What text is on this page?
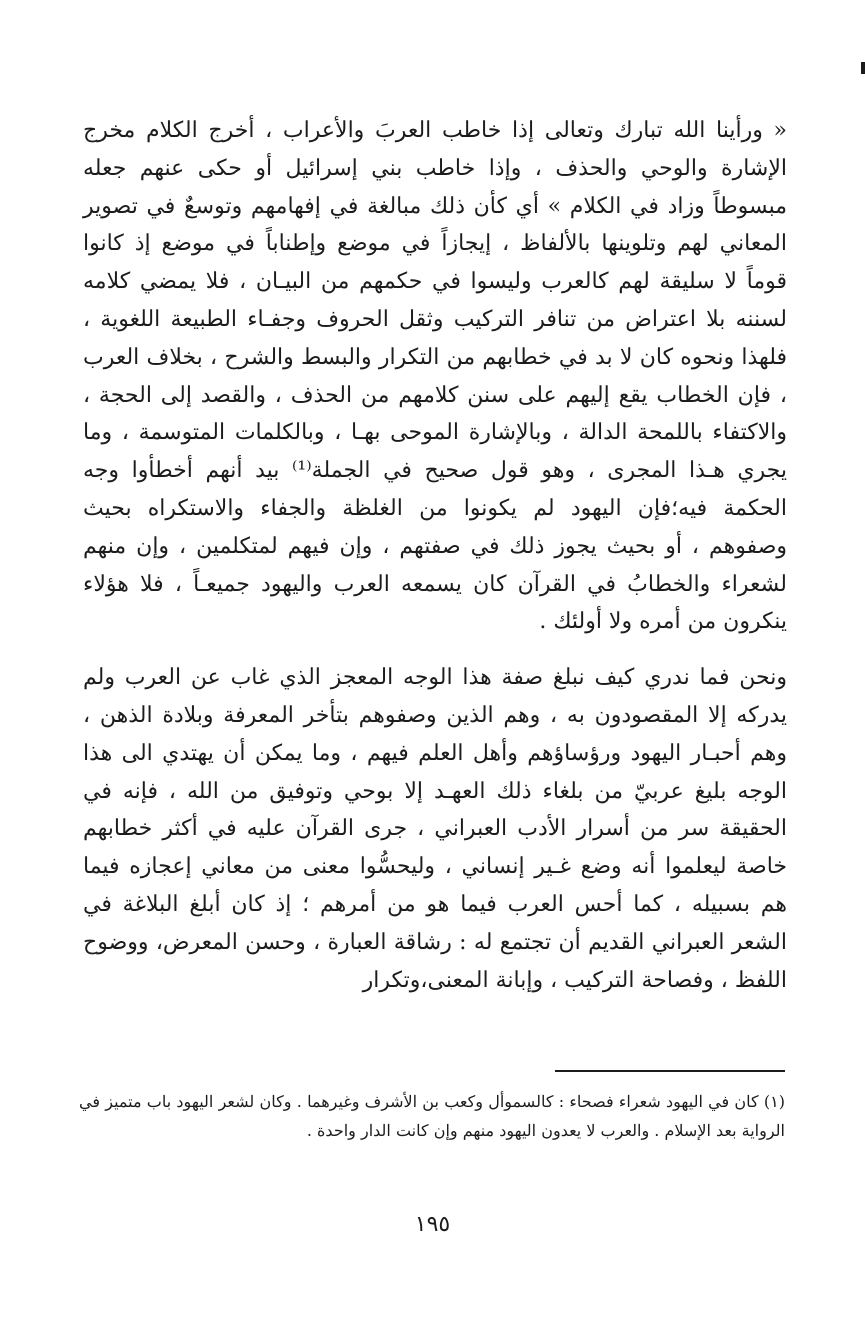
« ورأينا الله تبارك وتعالى إذا خاطب العربَ والأعراب ، أخرج الكلام مخرج الإشارة والوحي والحذف ، وإذا خاطب بني إسرائيل أو حكى عنهم جعله مبسوطاً وزاد في الكلام » أي كأن ذلك مبالغة في إفهامهم وتوسعٌ في تصوير المعاني لهم وتلوينها بالألفاظ ، إيجازاً في موضع وإطناباً في موضع إذ كانوا قوماً لا سليقة لهم كالعرب وليسوا في حكمهم من البيـان ، فلا يمضي كلامه لسننه بلا اعتراض من تنافر التركيب وثقل الحروف وجفـاء الطبيعة اللغوية ، فلهذا ونحوه كان لا بد في خطابهم من التكرار والبسط والشرح ، بخلاف العرب ، فإن الخطاب يقع إليهم على سنن كلامهم من الحذف ، والقصد إلى الحجة ، والاكتفاء باللمحة الدالة ، وبالإشارة الموحى بهـا ، وبالكلمات المتوسمة ، وما يجري هـذا المجرى ، وهو قول صحيح في الجملة⁽¹⁾ بيد أنهم أخطأوا وجه الحكمة فيه؛فإن اليهود لم يكونوا من الغلظة والجفاء والاستكراه بحيث وصفوهم ، أو بحيث يجوز ذلك في صفتهم ، وإن فيهم لمتكلمين ، وإن منهم لشعراء والخطابُ في القرآن كان يسمعه العرب واليهود جميعـاً ، فلا هؤلاء ينكرون من أمره ولا أولئك .

ونحن فما ندري كيف نبلغ صفة هذا الوجه المعجز الذي غاب عن العرب ولم يدركه إلا المقصودون به ، وهم الذين وصفوهم بتأخر المعرفة وبلادة الذهن ، وهم أحبـار اليهود ورؤساؤهم وأهل العلم فيهم ، وما يمكن أن يهتدي الى هذا الوجه بليغ عربيّ من بلغاء ذلك العهـد إلا بوحي وتوفيق من الله ، فإنه في الحقيقة سر من أسرار الأدب العبراني ، جرى القرآن عليه في أكثر خطابهم خاصة ليعلموا أنه وضع غـير إنساني ، وليحسُّوا معنى من معاني إعجازه فيما هم بسبيله ، كما أحس العرب فيما هو من أمرهم ؛ إذ كان أبلغ البلاغة في الشعر العبراني القديم أن تجتمع له : رشاقة العبارة ، وحسن المعرض، ووضوح اللفظ ، وفصاحة التركيب ، وإبانة المعنى،وتكرار

(١) كان في اليهود شعراء فصحاء : كالسموأل وكعب بن الأشرف وغيرهما . وكان لشعر اليهود باب متميز في الرواية بعد الإسلام . والعرب لا يعدون اليهود منهم وإن كانت الدار واحدة .

١٩٥
